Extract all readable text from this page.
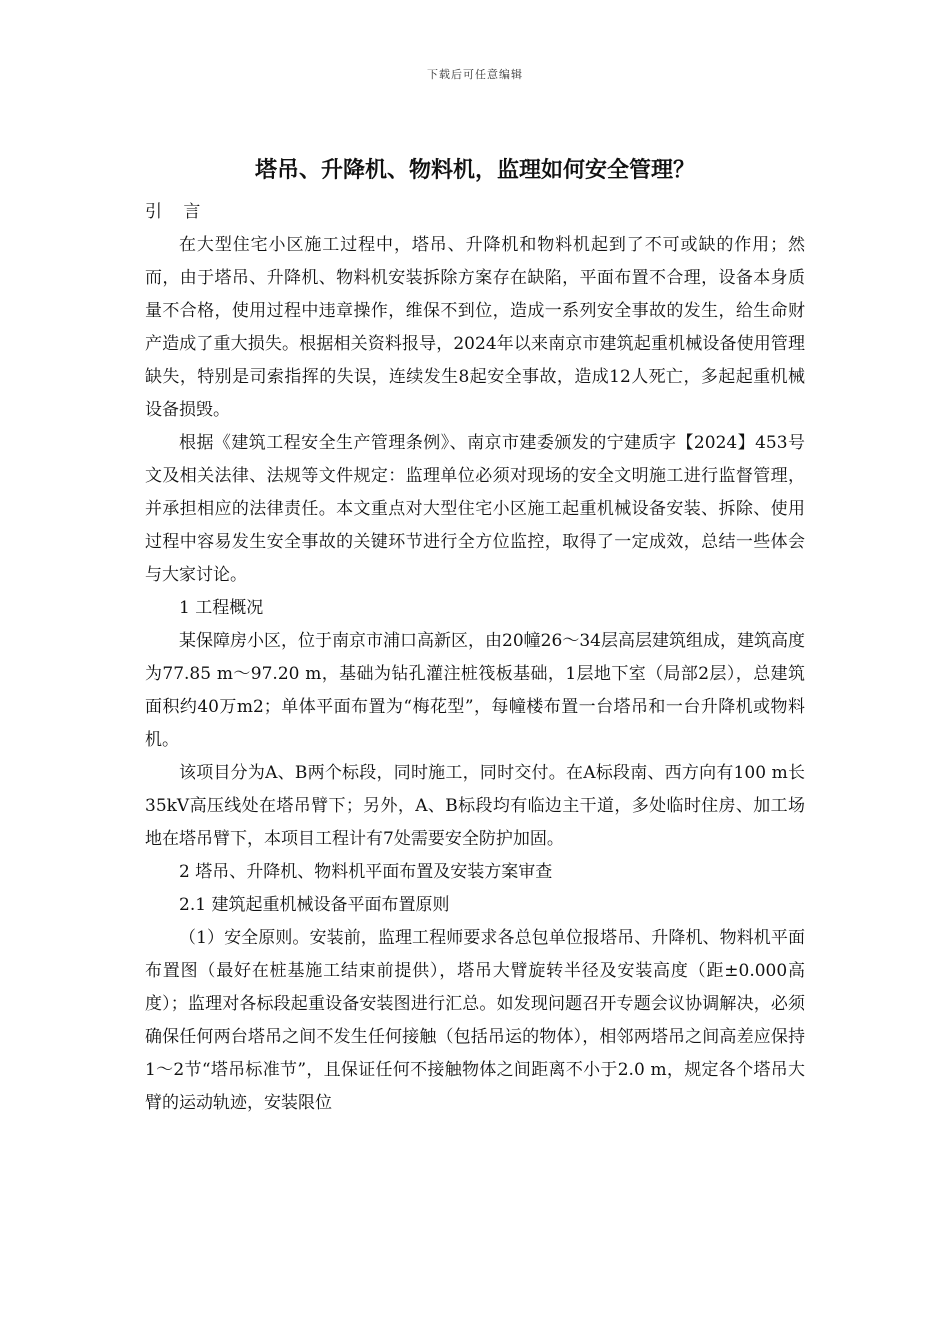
下载后可任意编辑
塔吊、升降机、物料机，监理如何安全管理？

引 言

在大型住宅小区施工过程中，塔吊、升降机和物料机起到了不可或缺的作用；然而，由于塔吊、升降机、物料机安装拆除方案存在缺陷，平面布置不合理，设备本身质量不合格，使用过程中违章操作，维保不到位，造成一系列安全事故的发生，给生命财产造成了重大损失。根据相关资料报导，2024年以来南京市建筑起重机械设备使用管理缺失，特别是司索指挥的失误，连续发生8起安全事故，造成12人死亡，多起起重机械设备损毁。

根据《建筑工程安全生产管理条例》、南京市建委颁发的宁建质字【2024】453号文及相关法律、法规等文件规定：监理单位必须对现场的安全文明施工进行监督管理，并承担相应的法律责任。本文重点对大型住宅小区施工起重机械设备安装、拆除、使用过程中容易发生安全事故的关键环节进行全方位监控，取得了一定成效，总结一些体会与大家讨论。

1 工程概况

某保障房小区，位于南京市浦口高新区，由20幢26～34层高层建筑组成，建筑高度为77.85 m～97.20 m，基础为钻孔灌注桩筏板基础，1层地下室（局部2层），总建筑面积约40万m2；单体平面布置为“梅花型”，每幢楼布置一台塔吊和一台升降机或物料机。

该项目分为A、B两个标段，同时施工，同时交付。在A标段南、西方向有100 m长35kV高压线处在塔吊臂下；另外，A、B标段均有临边主干道，多处临时住房、加工场地在塔吊臂下，本项目工程计有7处需要安全防护加固。

2 塔吊、升降机、物料机平面布置及安装方案审查

2.1 建筑起重机械设备平面布置原则

（1）安全原则。安装前，监理工程师要求各总包单位报塔吊、升降机、物料机平面布置图（最好在桩基施工结束前提供），塔吊大臂旋转半径及安装高度（距±0.000高度）；监理对各标段起重设备安装图进行汇总。如发现问题召开专题会议协调解决，必须确保任何两台塔吊之间不发生任何接触（包括吊运的物体），相邻两塔吊之间高差应保持1～2节“塔吊标准节”，且保证任何不接触物体之间距离不小于2.0 m，规定各个塔吊大臂的运动轨迹，安装限位
